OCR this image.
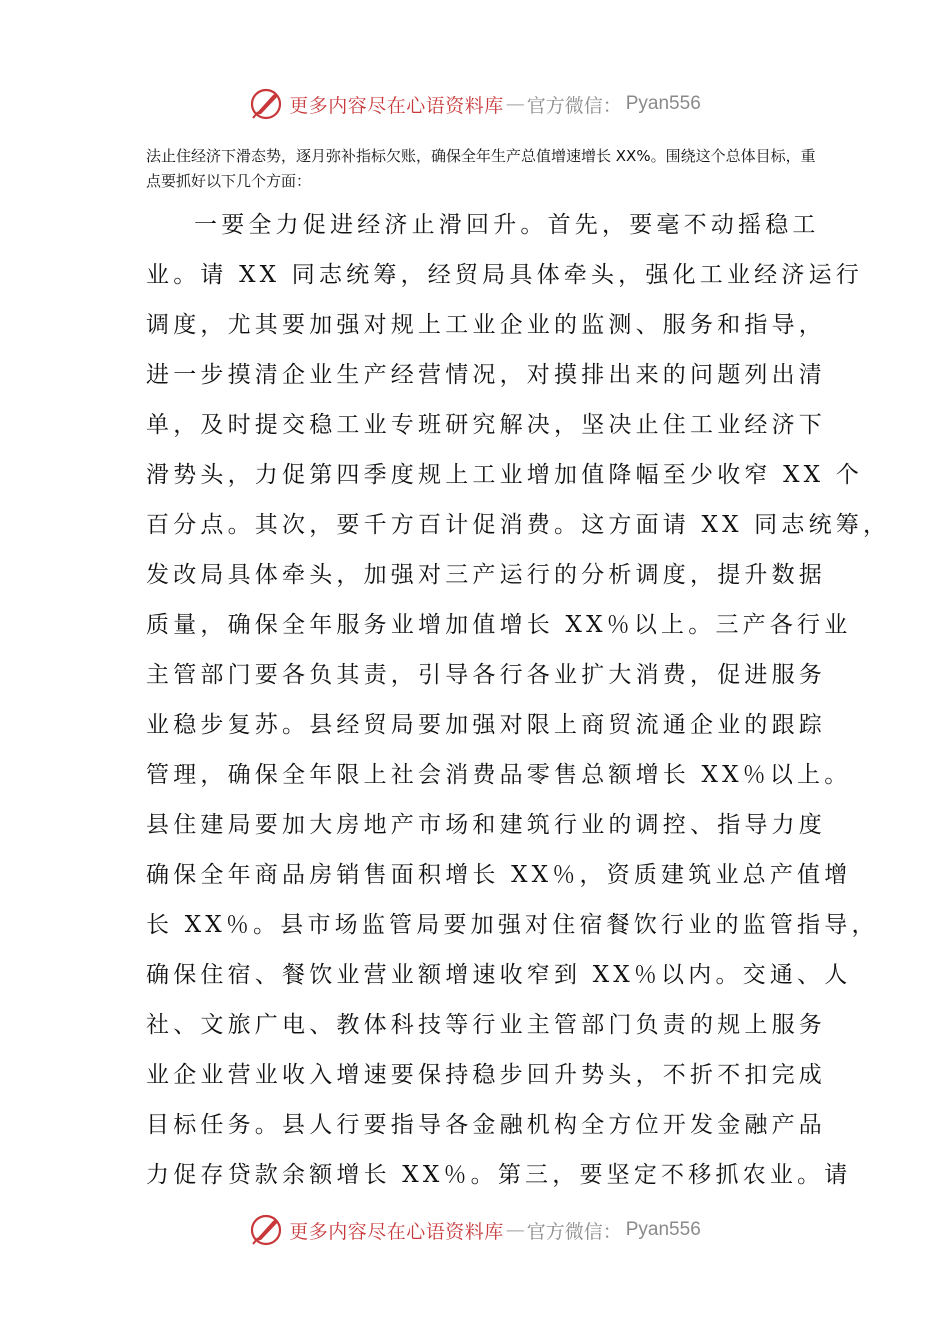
更多内容尽在心语资料库 — 官方微信： Pyan556

法止住经济下滑态势，逐月弥补指标欠账，确保全年生产总值增速增长 XX%。围绕这个总体目标，重点要抓好以下几个方面：

一要全力促进经济止滑回升。首先，要毫不动摇稳工

业。请 XX 同志统筹，经贸局具体牵头，强化工业经济运行

调度，尤其要加强对规上工业企业的监测、服务和指导，

进一步摸清企业生产经营情况，对摸排出来的问题列出清

单，及时提交稳工业专班研究解决，坚决止住工业经济下

滑势头，力促第四季度规上工业增加值降幅至少收窄 XX 个

百分点。其次，要千方百计促消费。这方面请 XX 同志统筹，

发改局具体牵头，加强对三产运行的分析调度，提升数据

质量，确保全年服务业增加值增长 XX％以上。三产各行业

主管部门要各负其责，引导各行各业扩大消费，促进服务

业稳步复苏。县经贸局要加强对限上商贸流通企业的跟踪

管理，确保全年限上社会消费品零售总额增长 XX％以上。

县住建局要加大房地产市场和建筑行业的调控、指导力度

确保全年商品房销售面积增长 XX％，资质建筑业总产值增

长 XX％。县市场监管局要加强对住宿餐饮行业的监管指导，

确保住宿、餐饮业营业额增速收窄到 XX％以内。交通、人

社、文旅广电、教体科技等行业主管部门负责的规上服务

业企业营业收入增速要保持稳步回升势头，不折不扣完成

目标任务。县人行要指导各金融机构全方位开发金融产品

力促存贷款余额增长 XX％。第三，要坚定不移抓农业。请

更多内容尽在心语资料库 — 官方微信： Pyan556
